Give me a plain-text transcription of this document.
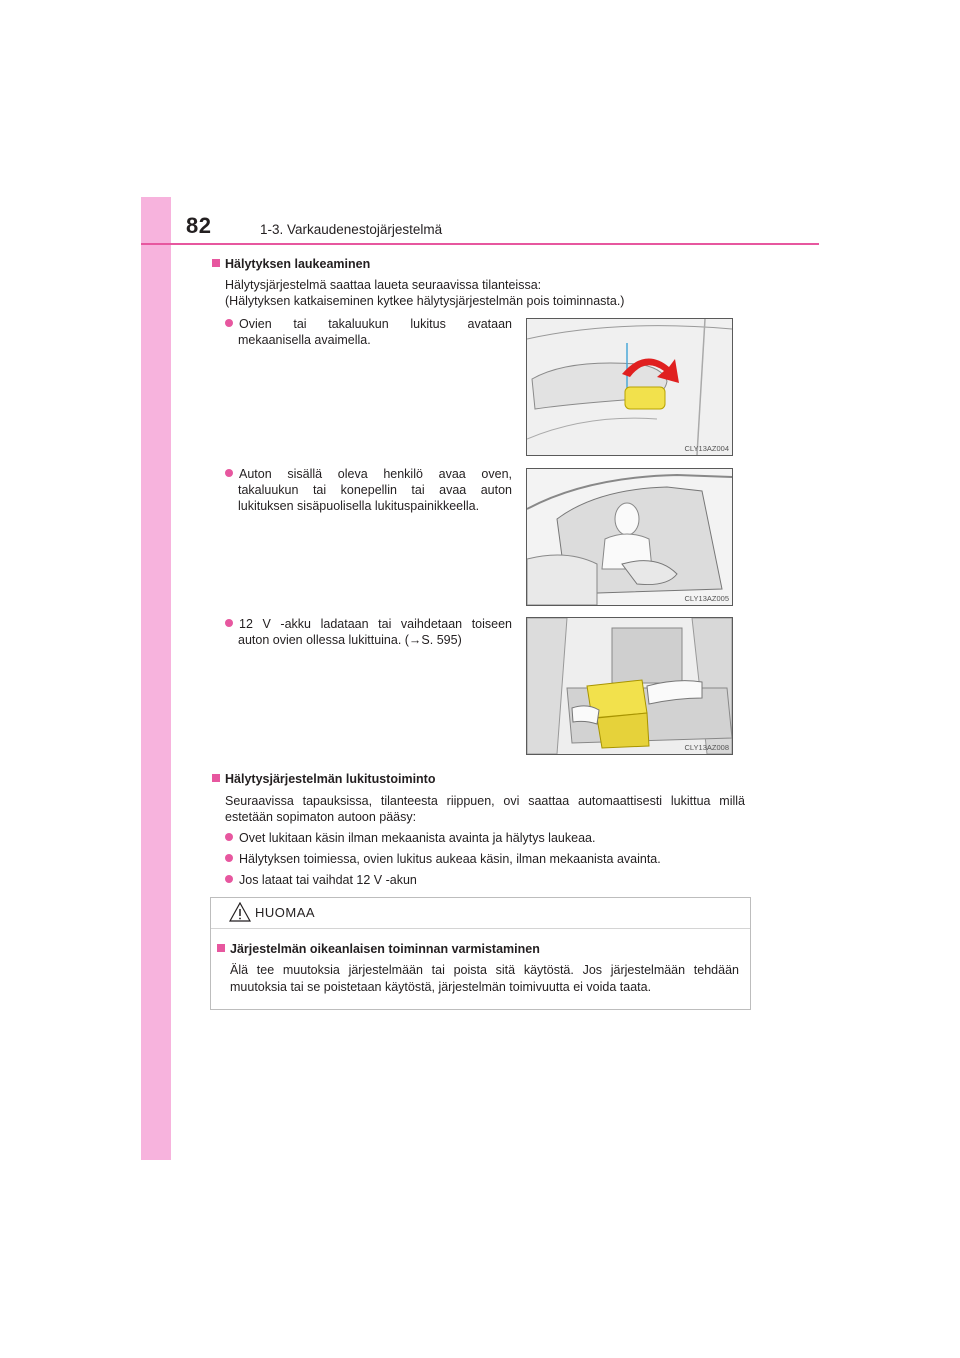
82	1-3. Varkaudenestojärjestelmä
Hälytyksen laukeaminen
Hälytysjärjestelmä saattaa laueta seuraavissa tilanteissa:
(Hälytyksen katkaiseminen kytkee hälytysjärjestelmän pois toiminnasta.)
Ovien tai takaluukun lukitus avataan
mekaanisella avaimella.
CLY13AZ004
Auton sisällä oleva henkilö avaa oven,
takaluukun tai konepellin tai avaa auton
lukituksen sisäpuolisella lukituspainikkeella.
CLY13AZ005
12 V -akku ladataan tai vaihdetaan toiseen
auton ovien ollessa lukittuina. (→S. 595)
CLY13AZ008
Hälytysjärjestelmän lukitustoiminto
Seuraavissa tapauksissa, tilanteesta riippuen, ovi saattaa automaattisesti lukittua millä
estetään sopimaton autoon pääsy:
Ovet lukitaan käsin ilman mekaanista avainta ja hälytys laukeaa.
Hälytyksen toimiessa, ovien lukitus aukeaa käsin, ilman mekaanista avainta.
Jos lataat tai vaihdat 12 V -akun
HUOMAA
Järjestelmän oikeanlaisen toiminnan varmistaminen
Älä tee muutoksia järjestelmään tai poista sitä käytöstä. Jos järjestelmään tehdään
muutoksia tai se poistetaan käytöstä, järjestelmän toimivuutta ei voida taata.
